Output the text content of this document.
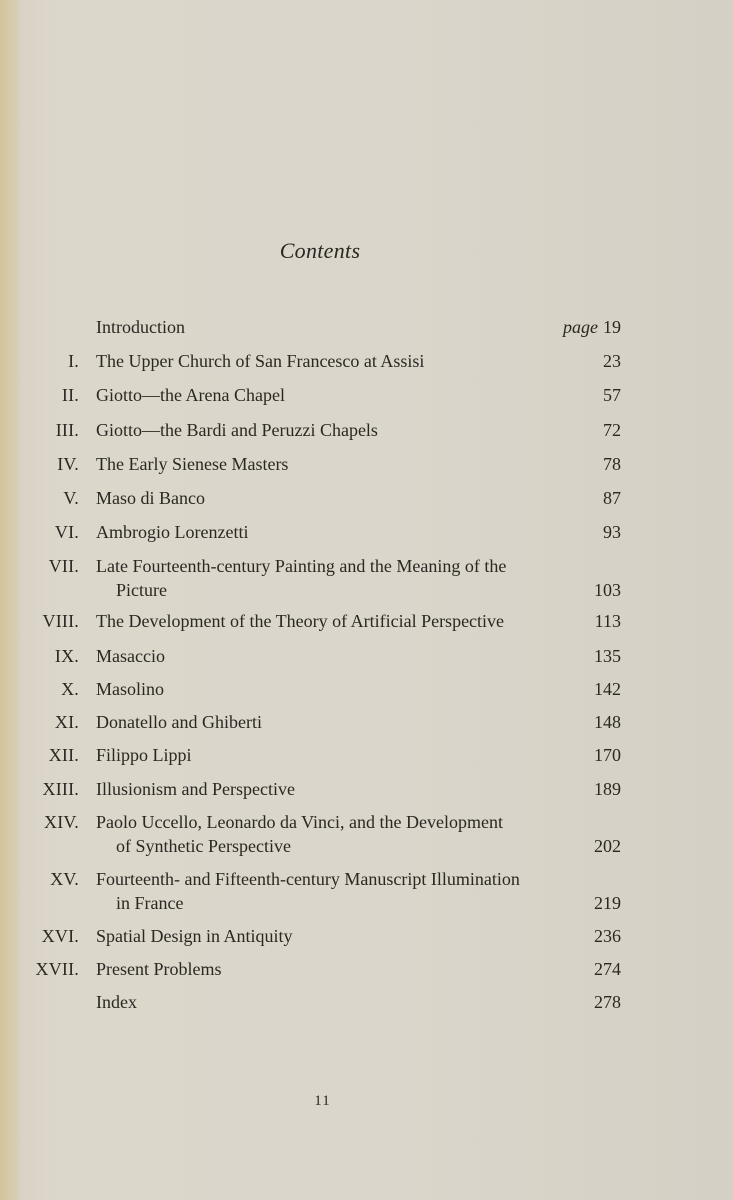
Contents
Introduction	page 19
I. The Upper Church of San Francesco at Assisi	23
II. Giotto—the Arena Chapel	57
III. Giotto—the Bardi and Peruzzi Chapels	72
IV. The Early Sienese Masters	78
V. Maso di Banco	87
VI. Ambrogio Lorenzetti	93
VII. Late Fourteenth-century Painting and the Meaning of the
Picture	103
VIII. The Development of the Theory of Artificial Perspective	113
IX. Masaccio	135
X. Masolino	142
XI. Donatello and Ghiberti	148
XII. Filippo Lippi	170
XIII. Illusionism and Perspective	189
XIV. Paolo Uccello, Leonardo da Vinci, and the Development
of Synthetic Perspective	202
XV. Fourteenth- and Fifteenth-century Manuscript Illumination
in France	219
XVI. Spatial Design in Antiquity	236
XVII. Present Problems	274
Index	278
11
